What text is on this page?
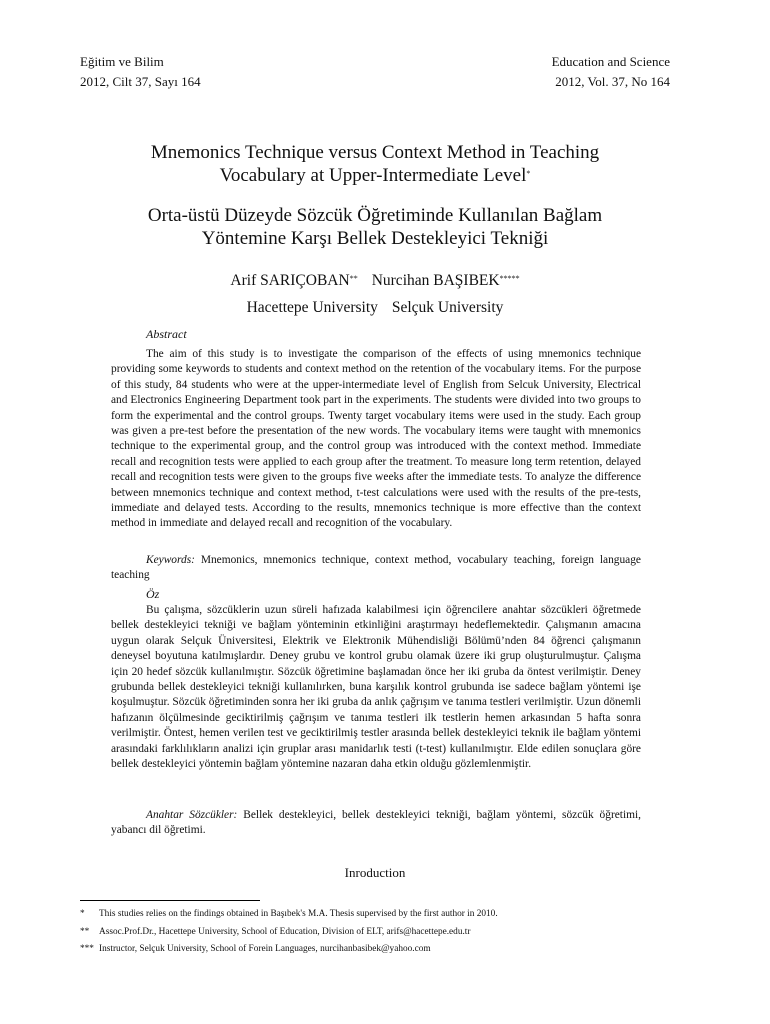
Eğitim ve Bilim
2012, Cilt 37, Sayı 164
Education and Science
2012, Vol. 37, No 164
Mnemonics Technique versus Context Method in Teaching
Vocabulary at Upper-Intermediate Level*
Orta-üstü Düzeyde Sözcük Öğretiminde Kullanılan Bağlam
Yöntemine Karşı Bellek Destekleyici Tekniği
Arif SARIÇOBAN** Nurcihan BAŞIBEK*****
Hacettepe University Selçuk University
Abstract

The aim of this study is to investigate the comparison of the effects of using mnemonics technique providing some keywords to students and context method on the retention of the vocabulary items. For the purpose of this study, 84 students who were at the upper-intermediate level of English from Selcuk University, Electrical and Electronics Engineering Department took part in the experiments. The students were divided into two groups to form the experimental and the control groups. Twenty target vocabulary items were used in the study. Each group was given a pre-test before the presentation of the new words. The vocabulary items were taught with mnemonics technique to the experimental group, and the control group was introduced with the context method. Immediate recall and recognition tests were applied to each group after the treatment. To measure long term retention, delayed recall and recognition tests were given to the groups five weeks after the immediate tests. To analyze the difference between mnemonics technique and context method, t-test calculations were used with the results of the pre-tests, immediate and delayed tests. According to the results, mnemonics technique is more effective than the context method in immediate and delayed recall and recognition of the vocabulary.

Keywords: Mnemonics, mnemonics technique, context method, vocabulary teaching, foreign language teaching

Öz

Bu çalışma, sözcüklerin uzun süreli hafızada kalabilmesi için öğrencilere anahtar sözcükleri öğretmede bellek destekleyici tekniği ve bağlam yönteminin etkinliğini araştırmayı hedeflemektedir. Çalışmanın amacına uygun olarak Selçuk Üniversitesi, Elektrik ve Elektronik Mühendisliği Bölümü’nden 84 öğrenci çalışmanın deneysel boyutuna katılmışlardır. Deney grubu ve kontrol grubu olamak üzere iki grup oluşturulmuştur. Çalışma için 20 hedef sözcük kullanılmıştır. Sözcük öğretimine başlamadan önce her iki gruba da öntest verilmiştir. Deney grubunda bellek destekleyici tekniği kullanılırken, buna karşılık kontrol grubunda ise sadece bağlam yöntemi işe koşulmuştur. Sözcük öğretiminden sonra her iki gruba da anlık çağrışım ve tanıma testleri verilmiştir. Uzun dönemli hafızanın ölçülmesinde geciktirilmiş çağrışım ve tanıma testleri ilk testlerin hemen arkasından 5 hafta sonra verilmiştir. Öntest, hemen verilen test ve geciktirilmiş testler arasında bellek destekleyici teknik ile bağlam yöntemi arasındaki farklılıkların analizi için gruplar arası manidarlık testi (t-test) kullanılmıştır. Elde edilen sonuçlara göre bellek destekleyici yöntemin bağlam yöntemine nazaran daha etkin olduğu gözlemlenmiştir.

Anahtar Sözcükler: Bellek destekleyici, bellek destekleyici tekniği, bağlam yöntemi, sözcük öğretimi, yabancı dil öğretimi.

Inroduction
* This studies relies on the findings obtained in Başıbek's M.A. Thesis supervised by the first author in 2010.
** Assoc.Prof.Dr., Hacettepe University, School of Education, Division of ELT, arifs@hacettepe.edu.tr
*** Instructor, Selçuk University, School of Forein Languages, nurcihanbasibek@yahoo.com
